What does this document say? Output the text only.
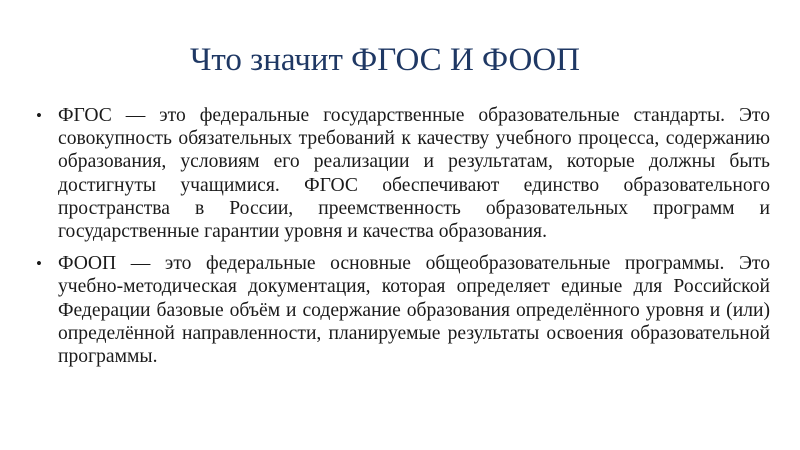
Что значит ФГОС И ФООП
• ФГОС — это федеральные государственные образовательные стандарты. Это совокупность обязательных требований к качеству учебного процесса, содержанию образования, условиям его реализации и результатам, которые должны быть достигнуты учащимися. ФГОС обеспечивают единство образовательного пространства в России, преемственность образовательных программ и государственные гарантии уровня и качества образования.
• ФООП — это федеральные основные общеобразовательные программы. Это учебно-методическая документация, которая определяет единые для Российской Федерации базовые объём и содержание образования определённого уровня и (или) определённой направленности, планируемые результаты освоения образовательной программы.
